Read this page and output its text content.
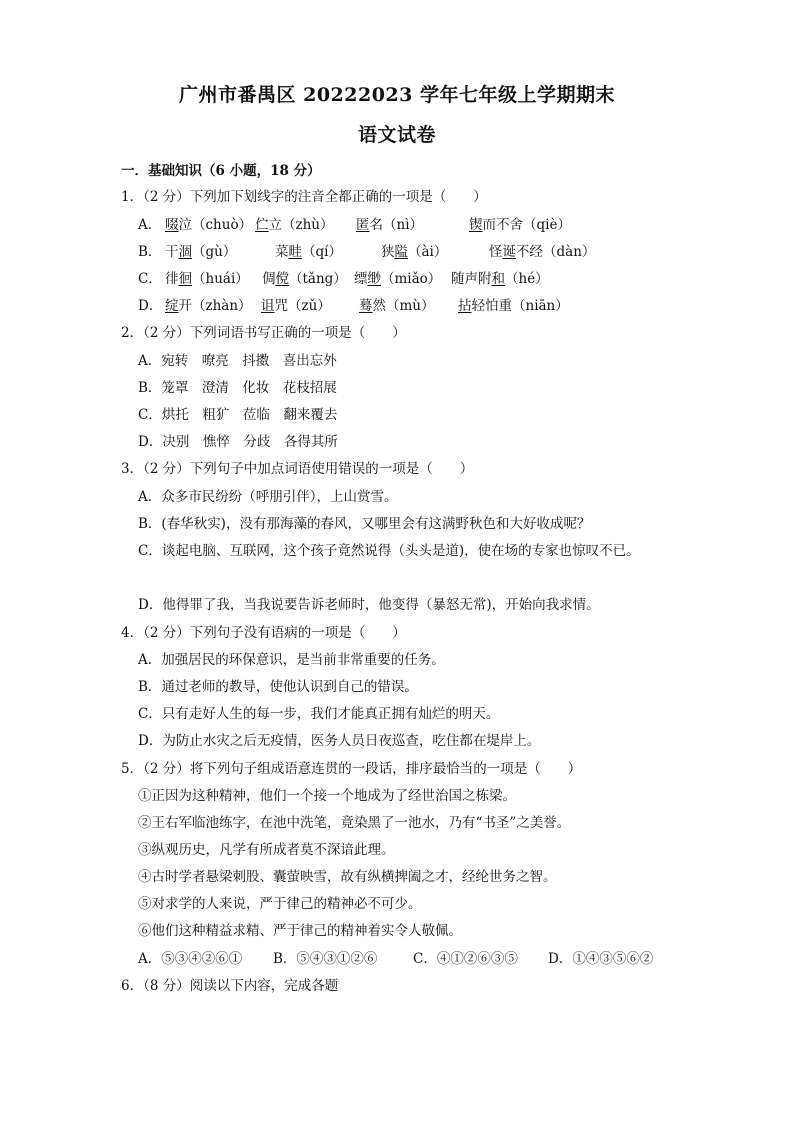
广州市番禺区 20222023 学年七年级上学期期末
语文试卷
一．基础知识（6 小题，18 分）
1．（2 分）下列加下划线字的注音全都正确的一项是（　　）
A． 啜泣（chuò） 伫立（zhù） 匿名（nì）	锲而不舍（qiè）
B． 干涸（gù）	菜畦（qí）	狭隘（ài）	怪诞不经（dàn）
C． 徘徊（huái） 倜傥（tǎng） 缥缈（miǎo） 随声附和（hé）
D． 绽开（zhàn） 诅咒（zǔ） 蓦然（mù） 拈轻怕重（niān）
2．（2 分）下列词语书写正确的一项是（　　）
A．宛转　嘹亮　抖擞　喜出忘外
B．笼罩　澄清　化妆　花枝招展
C．烘托　粗犷　莅临　翻来覆去
D．决别　憔悴　分歧　各得其所
3．（2 分）下列句子中加点词语使用错误的一项是（　　）
A．众多市民纷纷（呼朋引伴），上山赏雪。
B．(春华秋实)，没有那海藻的春风，又哪里会有这满野秋色和大好收成呢？
C．谈起电脑、互联网，这个孩子竟然说得（头头是道)，使在场的专家也惊叹不已。
D．他得罪了我，当我说要告诉老师时，他变得（暴怒无常)，开始向我求情。
4．（2 分）下列句子没有语病的一项是（　　）
A．加强居民的环保意识，是当前非常重要的任务。
B．通过老师的教导，使他认识到自己的错误。
C．只有走好人生的每一步，我们才能真正拥有灿烂的明天。
D．为防止水灾之后无疫情，医务人员日夜巡查，吃住都在堤岸上。
5．（2 分）将下列句子组成语意连贯的一段话，排序最恰当的一项是（　　）
①正因为这种精神，他们一个接一个地成为了经世治国之栋梁。
②王右军临池练字，在池中洗笔，竟染黑了一池水，乃有“书圣”之美誉。
③纵观历史，凡学有所成者莫不深谙此理。
④古时学者悬梁刺股、囊萤映雪，故有纵横捭阖之才，经纶世务之智。
⑤对求学的人来说，严于律己的精神必不可少。
⑥他们这种精益求精、严于律己的精神着实令人敬佩。
A．⑤③④②⑥① B．⑤④③①②⑥	C．④①②⑥③⑤ D．①④③⑤⑥②
6．（8 分）阅读以下内容，完成各题
